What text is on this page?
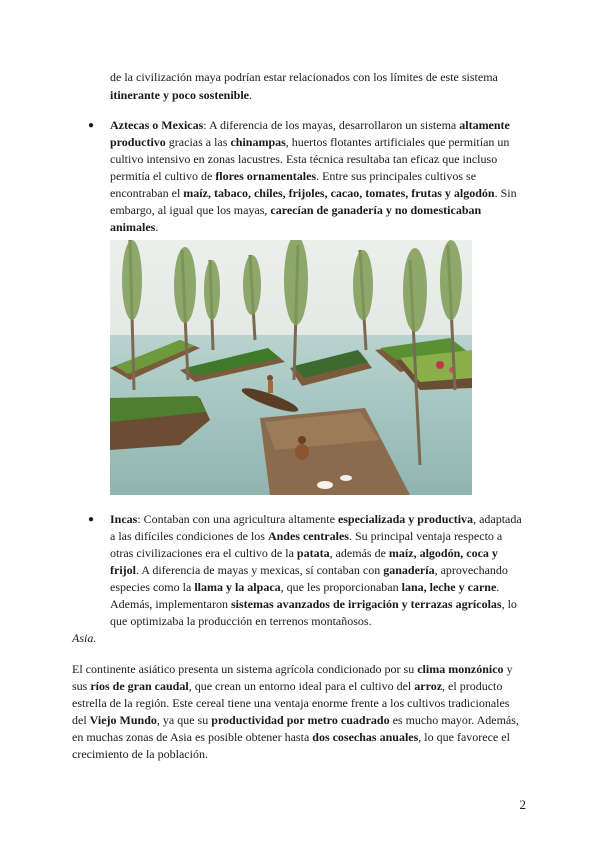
de la civilización maya podrían estar relacionados con los límites de este sistema
itinerante y poco sostenible.
● Aztecas o Mexicas: A diferencia de los mayas, desarrollaron un sistema altamente
productivo gracias a las chinampas, huertos flotantes artificiales que permitían un
cultivo intensivo en zonas lacustres. Esta técnica resultaba tan eficaz que incluso
permitía el cultivo de flores ornamentales. Entre sus principales cultivos se
encontraban el maíz, tabaco, chiles, frijoles, cacao, tomates, frutas y algodón. Sin
embargo, al igual que los mayas, carecían de ganadería y no domesticaban
animales.
● Incas: Contaban con una agricultura altamente especializada y productiva, adaptada
a las difíciles condiciones de los Andes centrales. Su principal ventaja respecto a
otras civilizaciones era el cultivo de la patata, además de maíz, algodón, coca y
frijol. A diferencia de mayas y mexicas, sí contaban con ganadería, aprovechando
especies como la llama y la alpaca, que les proporcionaban lana, leche y carne.
Además, implementaron sistemas avanzados de irrigación y terrazas agrícolas, lo
que optimizaba la producción en terrenos montañosos.
Asia.
El continente asiático presenta un sistema agrícola condicionado por su clima monzónico y
sus ríos de gran caudal, que crean un entorno ideal para el cultivo del arroz, el producto
estrella de la región. Este cereal tiene una ventaja enorme frente a los cultivos tradicionales
del Viejo Mundo, ya que su productividad por metro cuadrado es mucho mayor. Además,
en muchas zonas de Asia es posible obtener hasta dos cosechas anuales, lo que favorece el
crecimiento de la población.
2
